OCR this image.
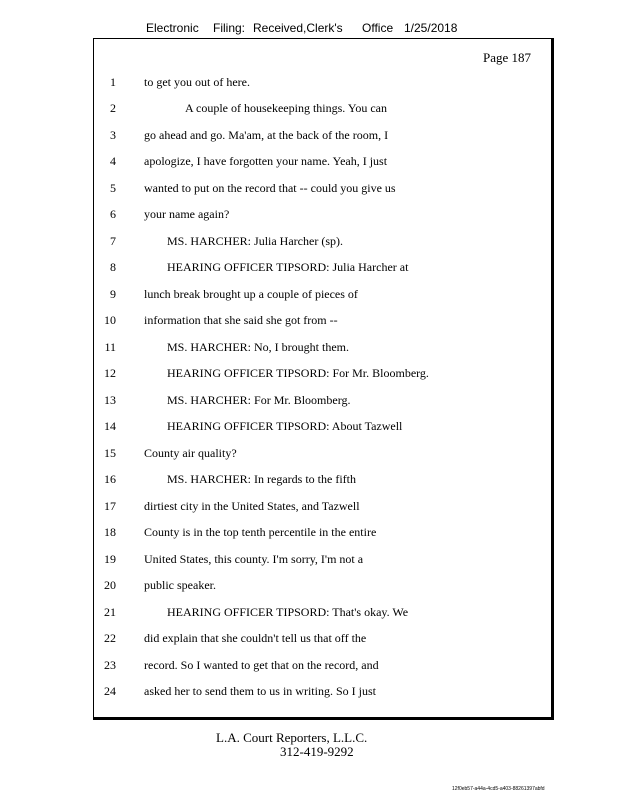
Electronic Filing: Received,Clerk's Office 1/25/2018
Page 187
1 to get you out of here.
2	A couple of housekeeping things. You can
3 go ahead and go. Ma'am, at the back of the room, I
4 apologize, I have forgotten your name. Yeah, I just
5 wanted to put on the record that -- could you give us
6 your name again?
7	MS. HARCHER: Julia Harcher (sp).
8	HEARING OFFICER TIPSORD: Julia Harcher at
9 lunch break brought up a couple of pieces of
10 information that she said she got from --
11	MS. HARCHER: No, I brought them.
12	HEARING OFFICER TIPSORD: For Mr. Bloomberg.
13	MS. HARCHER: For Mr. Bloomberg.
14	HEARING OFFICER TIPSORD: About Tazwell
15 County air quality?
16	MS. HARCHER: In regards to the fifth
17 dirtiest city in the United States, and Tazwell
18 County is in the top tenth percentile in the entire
19 United States, this county. I'm sorry, I'm not a
20 public speaker.
21	HEARING OFFICER TIPSORD: That's okay. We
22 did explain that she couldn't tell us that off the
23 record. So I wanted to get that on the record, and
24 asked her to send them to us in writing. So I just
L.A. Court Reporters, L.L.C.
312-419-9292
12f0eb57-a44a-4cd5-a403-88261397abfd
